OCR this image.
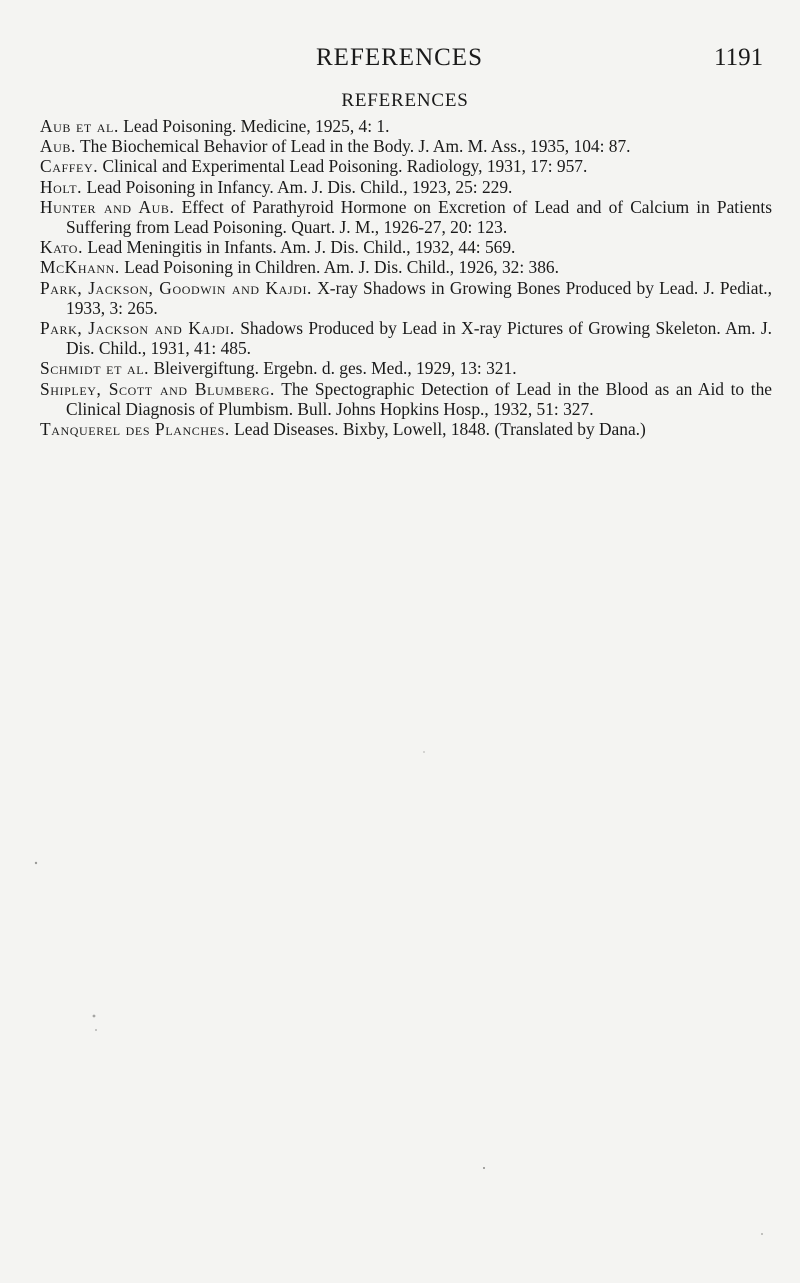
REFERENCES	1191
REFERENCES
Aub et al. Lead Poisoning. Medicine, 1925, 4: 1.
Aub. The Biochemical Behavior of Lead in the Body. J. Am. M. Ass., 1935, 104: 87.
Caffey. Clinical and Experimental Lead Poisoning. Radiology, 1931, 17: 957.
Holt. Lead Poisoning in Infancy. Am. J. Dis. Child., 1923, 25: 229.
Hunter and Aub. Effect of Parathyroid Hormone on Excretion of Lead and of Calcium in Patients Suffering from Lead Poisoning. Quart. J. M., 1926-27, 20: 123.
Kato. Lead Meningitis in Infants. Am. J. Dis. Child., 1932, 44: 569.
McKhann. Lead Poisoning in Children. Am. J. Dis. Child., 1926, 32: 386.
Park, Jackson, Goodwin and Kajdi. X-ray Shadows in Growing Bones Produced by Lead. J. Pediat., 1933, 3: 265.
Park, Jackson and Kajdi. Shadows Produced by Lead in X-ray Pictures of Growing Skeleton. Am. J. Dis. Child., 1931, 41: 485.
Schmidt et al. Bleivergiftung. Ergebn. d. ges. Med., 1929, 13: 321.
Shipley, Scott and Blumberg. The Spectographic Detection of Lead in the Blood as an Aid to the Clinical Diagnosis of Plumbism. Bull. Johns Hopkins Hosp., 1932, 51: 327.
Tanquerel des Planches. Lead Diseases. Bixby, Lowell, 1848. (Translated by Dana.)
